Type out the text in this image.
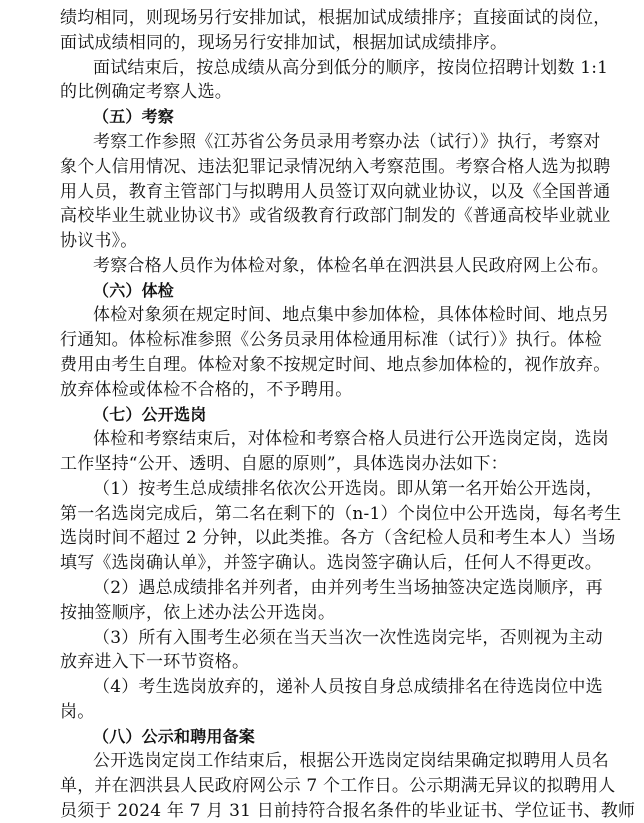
绩均相同，则现场另行安排加试，根据加试成绩排序；直接面试的岗位，
面试成绩相同的，现场另行安排加试，根据加试成绩排序。
面试结束后，按总成绩从高分到低分的顺序，按岗位招聘计划数 1:1
的比例确定考察人选。
（五）考察
考察工作参照《江苏省公务员录用考察办法（试行）》执行，考察对
象个人信用情况、违法犯罪记录情况纳入考察范围。考察合格人选为拟聘
用人员，教育主管部门与拟聘用人员签订双向就业协议，以及《全国普通
高校毕业生就业协议书》或省级教育行政部门制发的《普通高校毕业就业
协议书》。
考察合格人员作为体检对象，体检名单在泗洪县人民政府网上公布。
（六）体检
体检对象须在规定时间、地点集中参加体检，具体体检时间、地点另
行通知。体检标准参照《公务员录用体检通用标准（试行）》执行。体检
费用由考生自理。体检对象不按规定时间、地点参加体检的，视作放弃。
放弃体检或体检不合格的，不予聘用。
（七）公开选岗
体检和考察结束后，对体检和考察合格人员进行公开选岗定岗，选岗
工作坚持“公开、透明、自愿的原则”，具体选岗办法如下：
（1）按考生总成绩排名依次公开选岗。即从第一名开始公开选岗，
第一名选岗完成后，第二名在剩下的（n-1）个岗位中公开选岗，每名考生
选岗时间不超过 2 分钟，以此类推。各方（含纪检人员和考生本人）当场
填写《选岗确认单》，并签字确认。选岗签字确认后，任何人不得更改。
（2）遇总成绩排名并列者，由并列考生当场抽签决定选岗顺序，再
按抽签顺序，依上述办法公开选岗。
（3）所有入围考生必须在当天当次一次性选岗完毕，否则视为主动
放弃进入下一环节资格。
（4）考生选岗放弃的，递补人员按自身总成绩排名在待选岗位中选
岗。
（八）公示和聘用备案
公开选岗定岗工作结束后，根据公开选岗定岗结果确定拟聘用人员名
单，并在泗洪县人民政府网公示 7 个工作日。公示期满无异议的拟聘用人
员须于 2024 年 7 月 31 日前持符合报名条件的毕业证书、学位证书、教师
